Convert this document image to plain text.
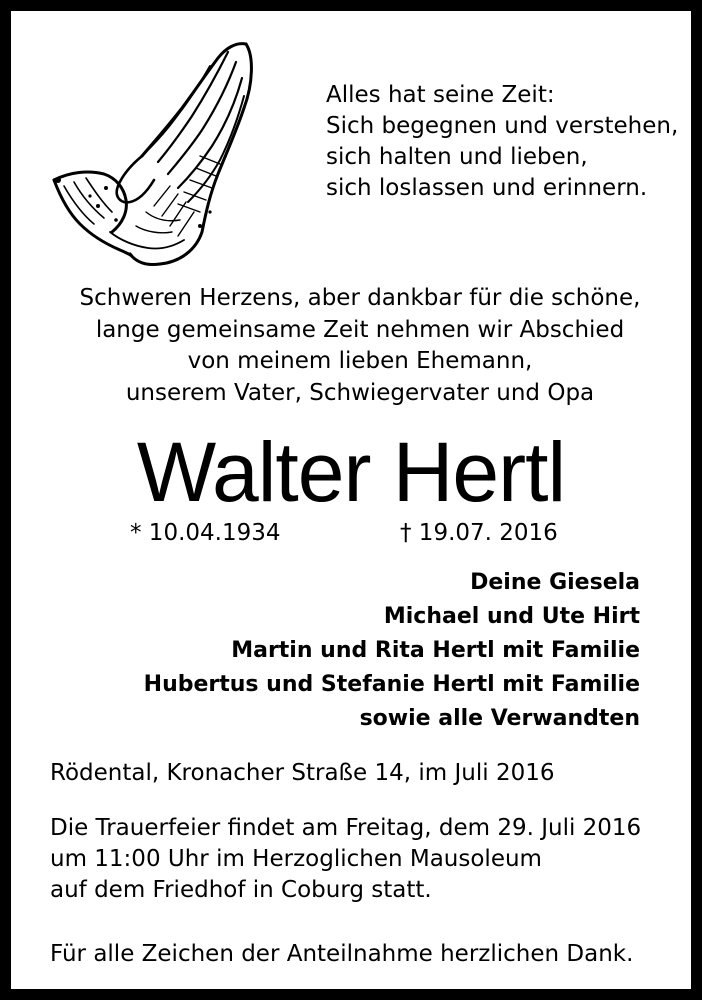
Alles hat seine Zeit:
Sich begegnen und verstehen,
sich halten und lieben,
sich loslassen und erinnern.
Schweren Herzens, aber dankbar für die schöne,
lange gemeinsame Zeit nehmen wir Abschied
von meinem lieben Ehemann,
unserem Vater, Schwiegervater und Opa
Walter Hertl
* 10.04.1934	† 19.07. 2016
Deine Giesela
Michael und Ute Hirt
Martin und Rita Hertl mit Familie
Hubertus und Stefanie Hertl mit Familie
sowie alle Verwandten
Rödental, Kronacher Straße 14, im Juli 2016
Die Trauerfeier findet am Freitag, dem 29. Juli 2016
um 11:00 Uhr im Herzoglichen Mausoleum
auf dem Friedhof in Coburg statt.
Für alle Zeichen der Anteilnahme herzlichen Dank.
